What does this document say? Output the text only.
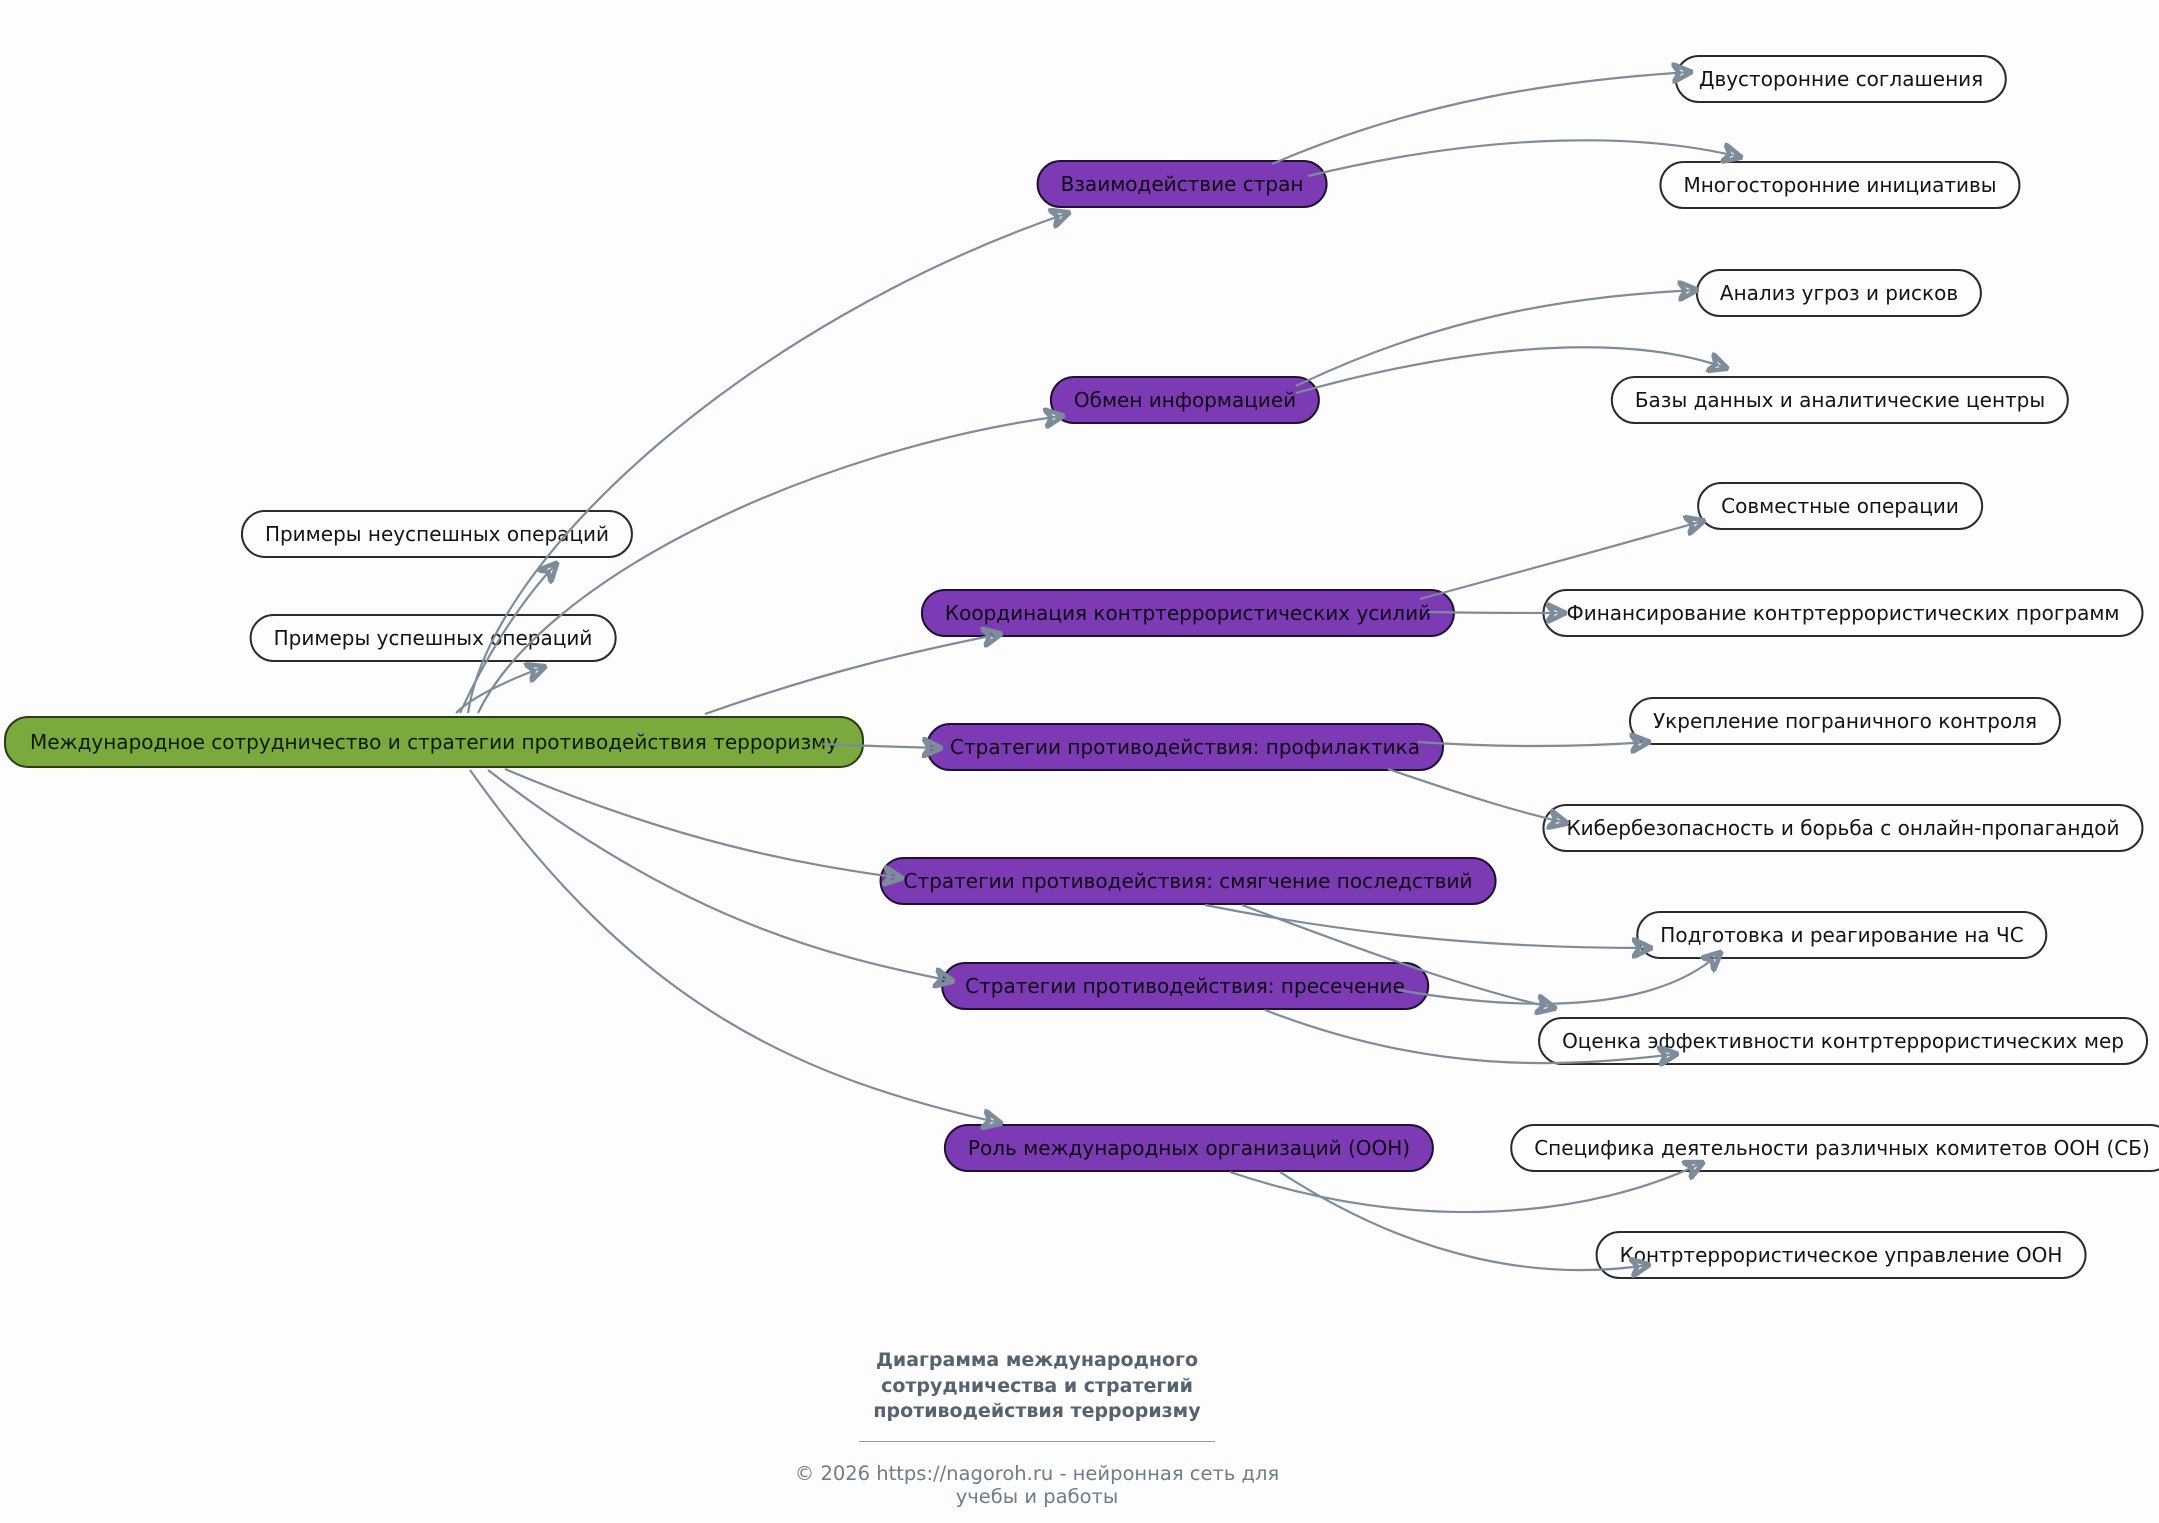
Международное сотрудничество и стратегии противодействия терроризму
Примеры неуспешных операций
Примеры успешных операций
Взаимодействие стран
Обмен информацией
Координация контртеррористических усилий
Стратегии противодействия: профилактика
Стратегии противодействия: смягчение последствий
Стратегии противодействия: пресечение
Роль международных организаций (ООН)
Двусторонние соглашения
Многосторонние инициативы
Анализ угроз и рисков
Базы данных и аналитические центры
Совместные операции
Финансирование контртеррористических программ
Укрепление пограничного контроля
Кибербезопасность и борьба с онлайн-пропагандой
Подготовка и реагирование на ЧС
Оценка эффективности контртеррористических мер
Специфика деятельности различных комитетов ООН (СБ)
Контртеррористическое управление ООН
Диаграмма международного сотрудничества и стратегий противодействия терроризму
© 2026 https://nagoroh.ru - нейронная сеть для учебы и работы
